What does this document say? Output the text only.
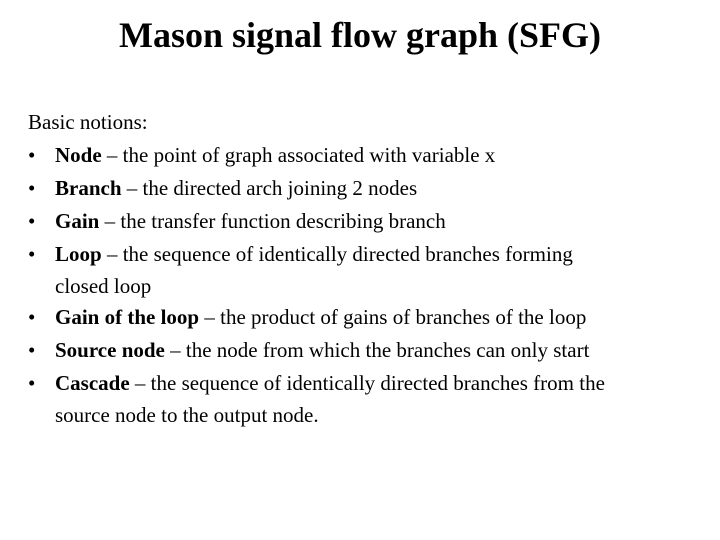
Mason signal flow graph (SFG)

Basic notions:

• Node – the point of graph associated with variable x
• Branch – the directed arch joining 2 nodes
• Gain – the transfer function describing branch
• Loop – the sequence of identically directed branches forming
closed loop
• Gain of the loop – the product of gains of branches of the loop
• Source node – the node from which the branches can only start
• Cascade – the sequence of identically directed branches from the
source node to the output node.
